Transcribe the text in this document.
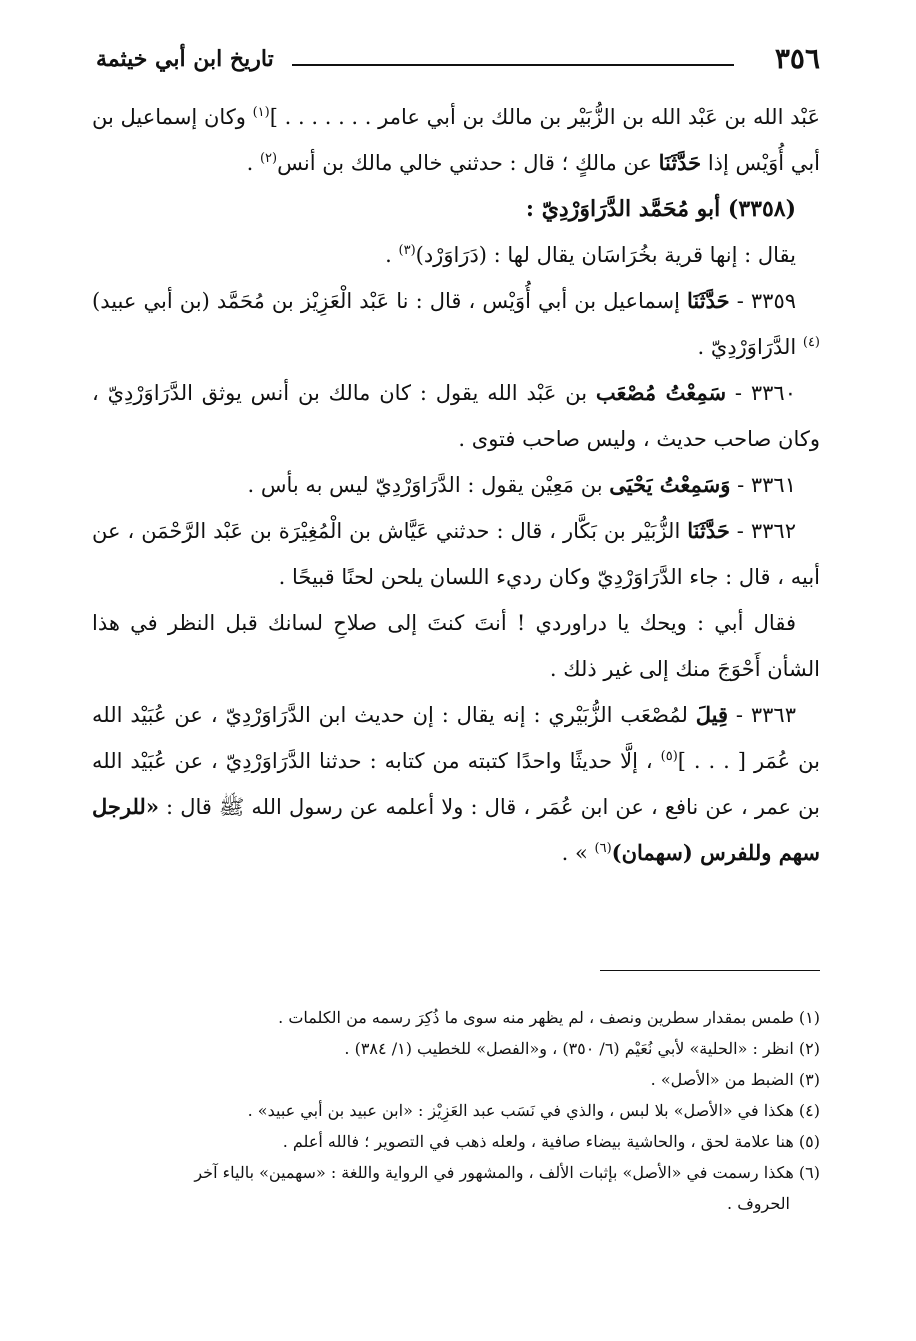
٣٥٦
تاريخ ابن أبي خيثمة

عَبْد الله بن عَبْد الله بن الزُّبَيْر بن مالك بن أبي عامر . . . . . . . ]$^{(١)}$ وكان إسماعيل بن أبي أُوَيْس إذا حَدَّثَنَا عن مالكٍ ؛ قال : حدثني خالي مالك بن أنس$^{(٢)}$ .

(٣٣٥٨) أبو مُحَمَّد الدَّرَاوَرْدِيّ :

يقال : إنها قرية بخُرَاسَان يقال لها : (دَرَاوَرْد)$^{(٣)}$ .

٣٣٥٩ - حَدَّثَنَا إسماعيل بن أبي أُوَيْس ، قال : نا عَبْد الْعَزِيْز بن مُحَمَّد (بن أبي عبيد)$^{(٤)}$ الدَّرَاوَرْدِيّ .

٣٣٦٠ - سَمِعْتُ مُصْعَب بن عَبْد الله يقول : كان مالك بن أنس يوثق الدَّرَاوَرْدِيّ ، وكان صاحب حديث ، وليس صاحب فتوى .

٣٣٦١ - وَسَمِعْتُ يَحْيَى بن مَعِيْن يقول : الدَّرَاوَرْدِيّ ليس به بأس .

٣٣٦٢ - حَدَّثَنَا الزُّبَيْر بن بَكَّار ، قال : حدثني عَيَّاش بن الْمُغِيْرَة بن عَبْد الرَّحْمَن ، عن أبيه ، قال : جاء الدَّرَاوَرْدِيّ وكان رديء اللسان يلحن لحنًا قبيحًا .

فقال أبي : ويحك يا دراوردي ! أنتَ كنتَ إلى صلاحِ لسانك قبل النظر في هذا الشأن أَحْوَجَ منك إلى غير ذلك .

٣٣٦٣ - قِيلَ لمُصْعَب الزُّبَيْري : إنه يقال : إن حديث ابن الدَّرَاوَرْدِيّ ، عن عُبَيْد الله بن عُمَر [ . . . ]$^{(٥)}$ ، إلَّا حديثًا واحدًا كتبته من كتابه : حدثنا الدَّرَاوَرْدِيّ ، عن عُبَيْد الله بن عمر ، عن نافع ، عن ابن عُمَر ، قال : ولا أعلمه عن رسول الله ﷺ قال : «للرجل سهم وللفرس (سهمان)$^{(٦)}$ » .

(١) طمس بمقدار سطرين ونصف ، لم يظهر منه سوى ما ذُكِرَ رسمه من الكلمات .

(٢) انظر : «الحلية» لأبي نُعَيْم (٦/ ٣٥٠) ، و«الفصل» للخطيب (١/ ٣٨٤) .

(٣) الضبط من «الأصل» .

(٤) هكذا في «الأصل» بلا لبس ، والذي في نَسَب عبد العَزِيْز : «ابن عبيد بن أبي عبيد» .

(٥) هنا علامة لحق ، والحاشية بيضاء صافية ، ولعله ذهب في التصوير ؛ فالله أعلم .

(٦) هكذا رسمت في «الأصل» بإثبات الألف ، والمشهور في الرواية واللغة : «سهمين» بالياء آخر

الحروف .
